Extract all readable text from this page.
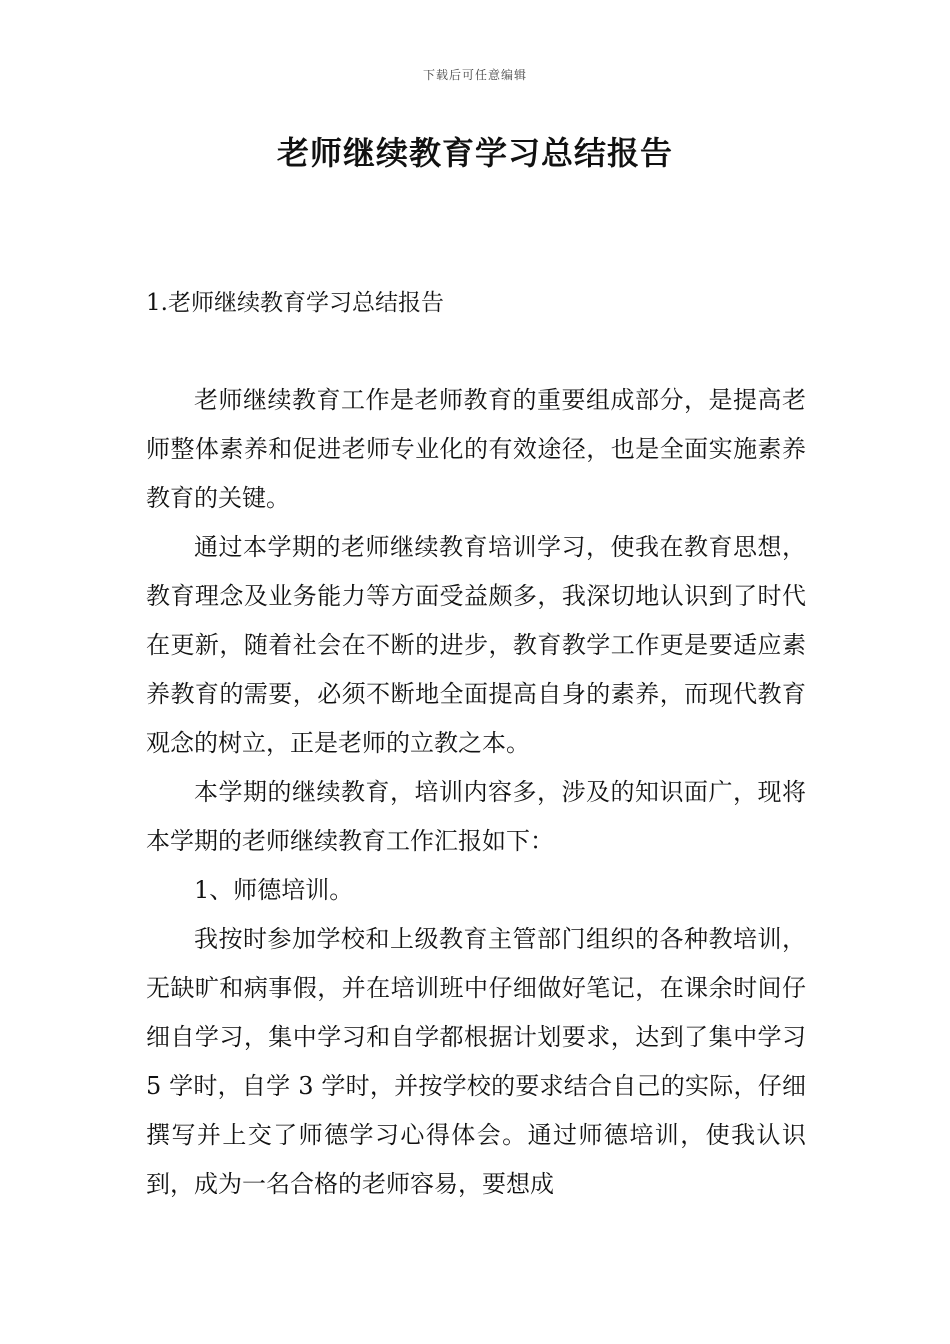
下载后可任意编辑
老师继续教育学习总结报告
1.老师继续教育学习总结报告

老师继续教育工作是老师教育的重要组成部分，是提高老师整体素养和促进老师专业化的有效途径，也是全面实施素养教育的关键。

通过本学期的老师继续教育培训学习，使我在教育思想，教育理念及业务能力等方面受益颇多，我深切地认识到了时代在更新，随着社会在不断的进步，教育教学工作更是要适应素养教育的需要，必须不断地全面提高自身的素养，而现代教育观念的树立，正是老师的立教之本。

本学期的继续教育，培训内容多，涉及的知识面广，现将本学期的老师继续教育工作汇报如下：

1、师德培训。

我按时参加学校和上级教育主管部门组织的各种教培训，无缺旷和病事假，并在培训班中仔细做好笔记，在课余时间仔细自学习，集中学习和自学都根据计划要求，达到了集中学习 5 学时，自学 3 学时，并按学校的要求结合自己的实际，仔细撰写并上交了师德学习心得体会。通过师德培训，使我认识到，成为一名合格的老师容易，要想成
